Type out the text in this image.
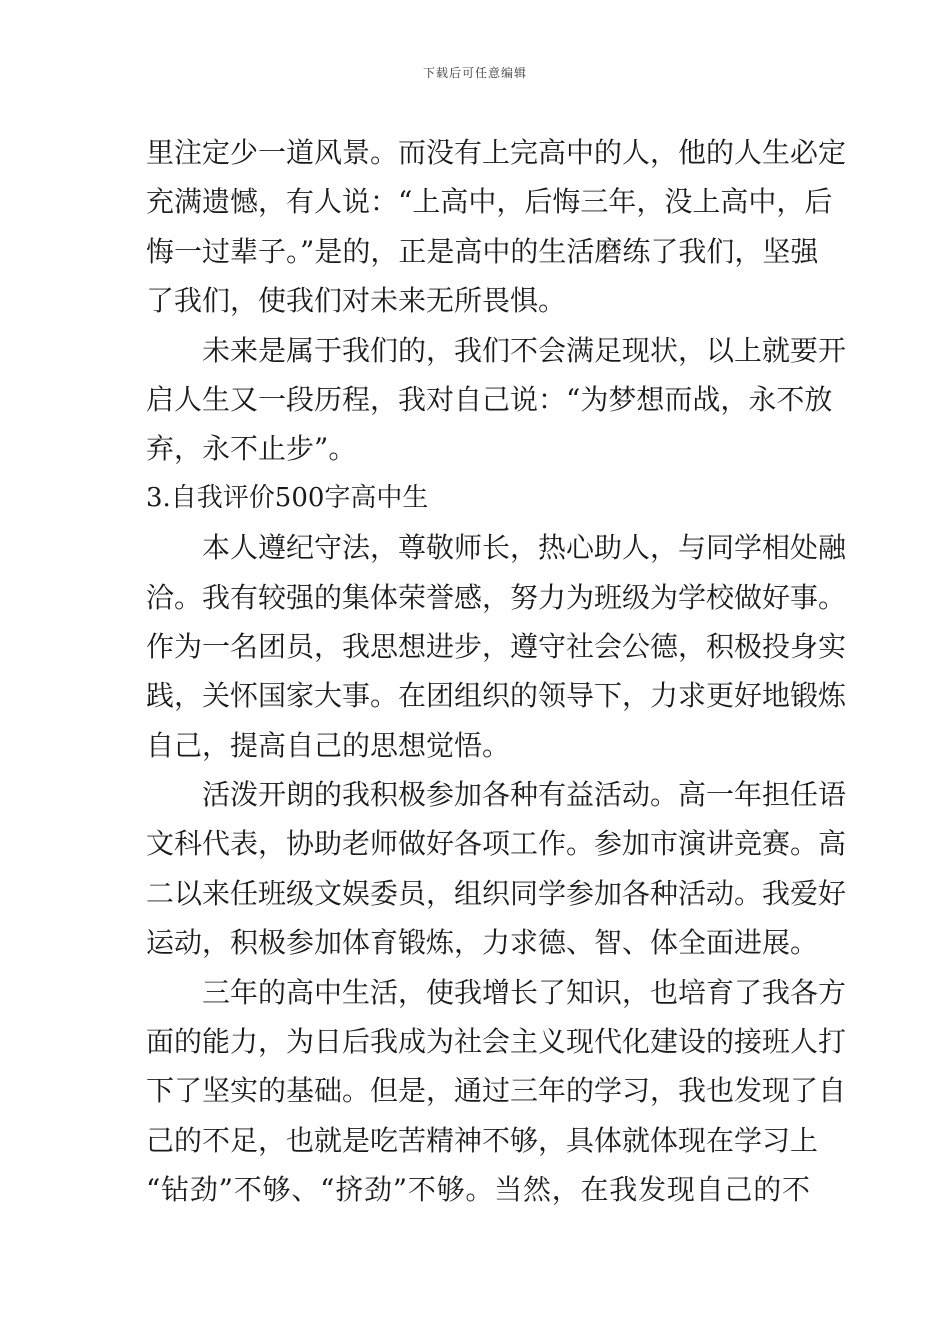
下载后可任意编辑
里注定少一道风景。而没有上完高中的人，他的人生必定
充满遗憾，有人说：“上高中，后悔三年，没上高中，后
悔一过辈子。”是的，正是高中的生活磨练了我们，坚强
了我们，使我们对未来无所畏惧。
未来是属于我们的，我们不会满足现状，以上就要开
启人生又一段历程，我对自己说：“为梦想而战，永不放
弃，永不止步”。
3.自我评价500字高中生
本人遵纪守法，尊敬师长，热心助人，与同学相处融
洽。我有较强的集体荣誉感，努力为班级为学校做好事。
作为一名团员，我思想进步，遵守社会公德，积极投身实
践，关怀国家大事。在团组织的领导下，力求更好地锻炼
自己，提高自己的思想觉悟。
活泼开朗的我积极参加各种有益活动。高一年担任语
文科代表，协助老师做好各项工作。参加市演讲竞赛。高
二以来任班级文娱委员，组织同学参加各种活动。我爱好
运动，积极参加体育锻炼，力求德、智、体全面进展。
三年的高中生活，使我增长了知识，也培育了我各方
面的能力，为日后我成为社会主义现代化建设的接班人打
下了坚实的基础。但是，通过三年的学习，我也发现了自
己的不足，也就是吃苦精神不够，具体就体现在学习上
“钻劲”不够、“挤劲”不够。当然，在我发现自己的不
